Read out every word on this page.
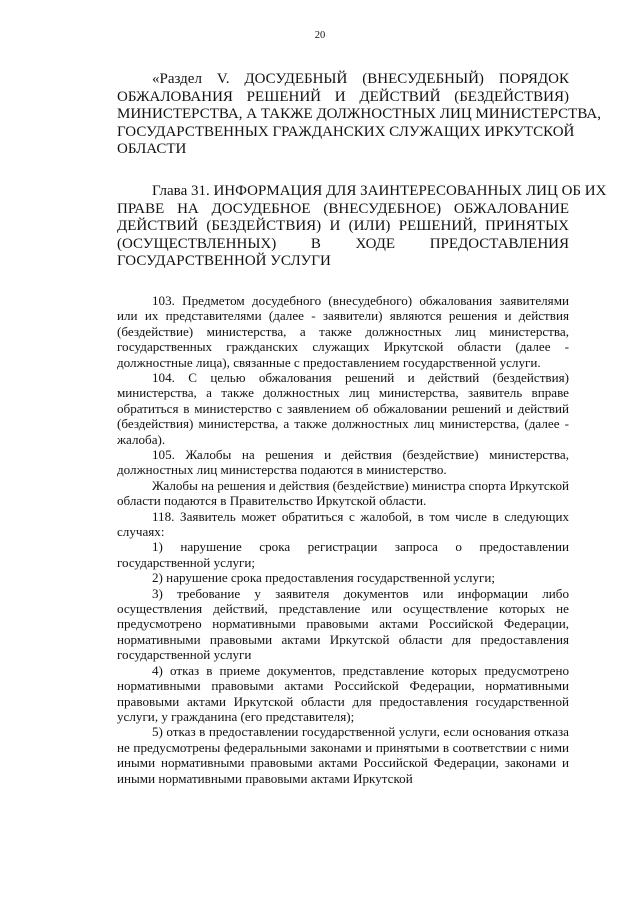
20
«Раздел V. ДОСУДЕБНЫЙ (ВНЕСУДЕБНЫЙ) ПОРЯДОК
ОБЖАЛОВАНИЯ РЕШЕНИЙ И ДЕЙСТВИЙ (БЕЗДЕЙСТВИЯ)
МИНИСТЕРСТВА, А ТАКЖЕ ДОЛЖНОСТНЫХ ЛИЦ МИНИСТЕРСТВА,
ГОСУДАРСТВЕННЫХ ГРАЖДАНСКИХ СЛУЖАЩИХ ИРКУТСКОЙ
ОБЛАСТИ
Глава 31. ИНФОРМАЦИЯ ДЛЯ ЗАИНТЕРЕСОВАННЫХ ЛИЦ ОБ ИХ
ПРАВЕ НА ДОСУДЕБНОЕ (ВНЕСУДЕБНОЕ) ОБЖАЛОВАНИЕ
ДЕЙСТВИЙ (БЕЗДЕЙСТВИЯ) И (ИЛИ) РЕШЕНИЙ, ПРИНЯТЫХ
(ОСУЩЕСТВЛЕННЫХ) В ХОДЕ ПРЕДОСТАВЛЕНИЯ
ГОСУДАРСТВЕННОЙ УСЛУГИ

103. Предметом досудебного (внесудебного) обжалования заявителями или их представителями (далее - заявители) являются решения и действия (бездействие) министерства, а также должностных лиц министерства, государственных гражданских служащих Иркутской области (далее - должностные лица), связанные с предоставлением государственной услуги.

104. С целью обжалования решений и действий (бездействия) министерства, а также должностных лиц министерства, заявитель вправе обратиться в министерство с заявлением об обжаловании решений и действий (бездействия) министерства, а также должностных лиц министерства, (далее - жалоба).

105. Жалобы на решения и действия (бездействие) министерства, должностных лиц министерства подаются в министерство.

Жалобы на решения и действия (бездействие) министра спорта Иркутской области подаются в Правительство Иркутской области.

118. Заявитель может обратиться с жалобой, в том числе в следующих случаях:

1) нарушение срока регистрации запроса о предоставлении государственной услуги;

2) нарушение срока предоставления государственной услуги;

3) требование у заявителя документов или информации либо осуществления действий, представление или осуществление которых не предусмотрено нормативными правовыми актами Российской Федерации, нормативными правовыми актами Иркутской области для предоставления государственной услуги

4) отказ в приеме документов, представление которых предусмотрено нормативными правовыми актами Российской Федерации, нормативными правовыми актами Иркутской области для предоставления государственной услуги, у гражданина (его представителя);

5) отказ в предоставлении государственной услуги, если основания отказа не предусмотрены федеральными законами и принятыми в соответствии с ними иными нормативными правовыми актами Российской Федерации, законами и иными нормативными правовыми актами Иркутской
